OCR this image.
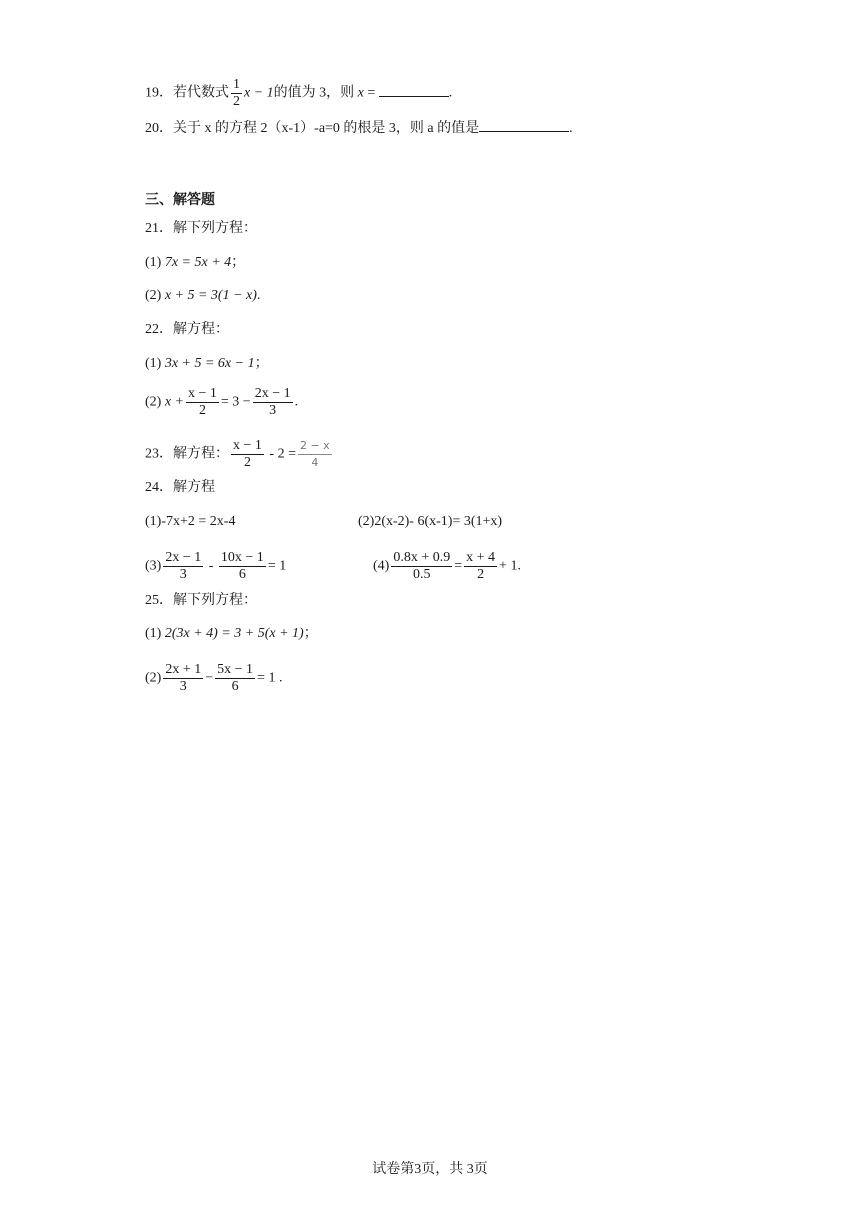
19．若代数式 $\frac{1}{2}$ x − 1的值为 3，则 x =	.
20．关于 x 的方程 2（x-1）-a=0 的根是 3，则 a 的值是	.
三、解答题
21．解下列方程：
(1) 7x = 5x + 4；
(2) x + 5 = 3(1 − x).
22．解方程：
(1) 3x + 5 = 6x − 1；
(2) $x + \frac{x - 1}{2} = 3 - \frac{2x - 1}{3}$ .
23．解方程： $\frac{x - 1}{2} - 2 = \frac{2 - x}{4}$
24．解方程
(1)-7x+2 = 2x-4	(2)2(x-2)- 6(x-1)= 3(1+x)
$(3) \frac{2x - 1}{3} - \frac{10x - 1}{6} = 1$	$(4) \frac{0.8x + 0.9}{0.5} = \frac{x + 4}{2} + 1$.
25．解下列方程：
(1) 2(3x + 4) = 3 + 5(x + 1)；
$(2) \frac{2x + 1}{3} - \frac{5x - 1}{6} = 1$ .
试卷第3页，共 3页
